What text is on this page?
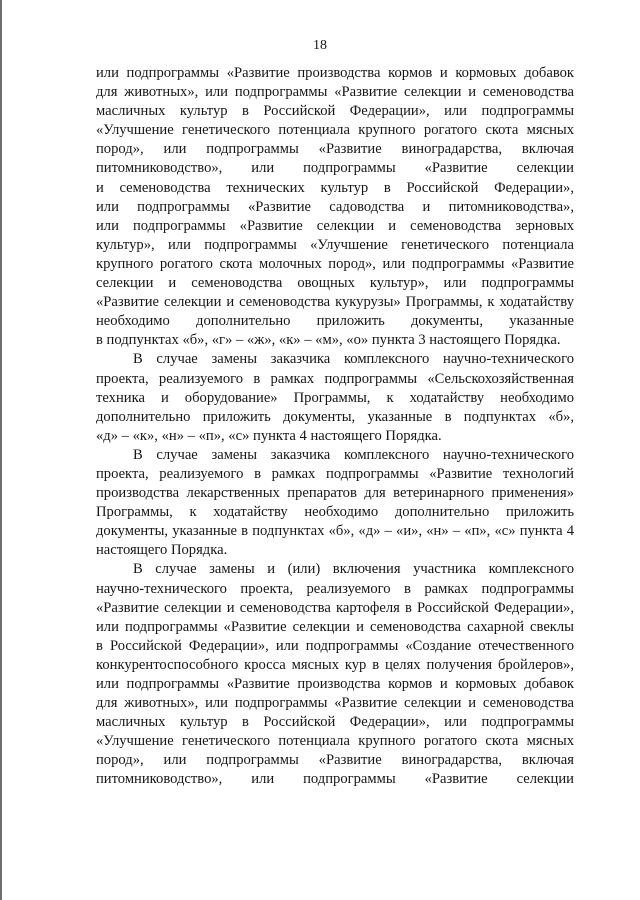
18
или подпрограммы «Развитие производства кормов и кормовых добавок
для животных», или подпрограммы «Развитие селекции и семеноводства
масличных культур в Российской Федерации», или подпрограммы
«Улучшение генетического потенциала крупного рогатого скота мясных
пород», или подпрограммы «Развитие виноградарства, включая
питомниководство», или подпрограммы «Развитие селекции
и семеноводства технических культур в Российской Федерации»,
или подпрограммы «Развитие садоводства и питомниководства»,
или подпрограммы «Развитие селекции и семеноводства зерновых
культур», или подпрограммы «Улучшение генетического потенциала
крупного рогатого скота молочных пород», или подпрограммы «Развитие
селекции и семеноводства овощных культур», или подпрограммы
«Развитие селекции и семеноводства кукурузы» Программы, к ходатайству
необходимо дополнительно приложить документы, указанные
в подпунктах «б», «г» – «ж», «к» – «м», «о» пункта 3 настоящего Порядка.
В случае замены заказчика комплексного научно-технического
проекта, реализуемого в рамках подпрограммы «Сельскохозяйственная
техника и оборудование» Программы, к ходатайству необходимо
дополнительно приложить документы, указанные в подпунктах «б»,
«д» – «к», «н» – «п», «с» пункта 4 настоящего Порядка.
В случае замены заказчика комплексного научно-технического
проекта, реализуемого в рамках подпрограммы «Развитие технологий
производства лекарственных препаратов для ветеринарного применения»
Программы, к ходатайству необходимо дополнительно приложить
документы, указанные в подпунктах «б», «д» – «и», «н» – «п», «с» пункта 4
настоящего Порядка.
В случае замены и (или) включения участника комплексного
научно-технического проекта, реализуемого в рамках подпрограммы
«Развитие селекции и семеноводства картофеля в Российской Федерации»,
или подпрограммы «Развитие селекции и семеноводства сахарной свеклы
в Российской Федерации», или подпрограммы «Создание отечественного
конкурентоспособного кросса мясных кур в целях получения бройлеров»,
или подпрограммы «Развитие производства кормов и кормовых добавок
для животных», или подпрограммы «Развитие селекции и семеноводства
масличных культур в Российской Федерации», или подпрограммы
«Улучшение генетического потенциала крупного рогатого скота мясных
пород», или подпрограммы «Развитие виноградарства, включая
питомниководство», или подпрограммы «Развитие селекции
